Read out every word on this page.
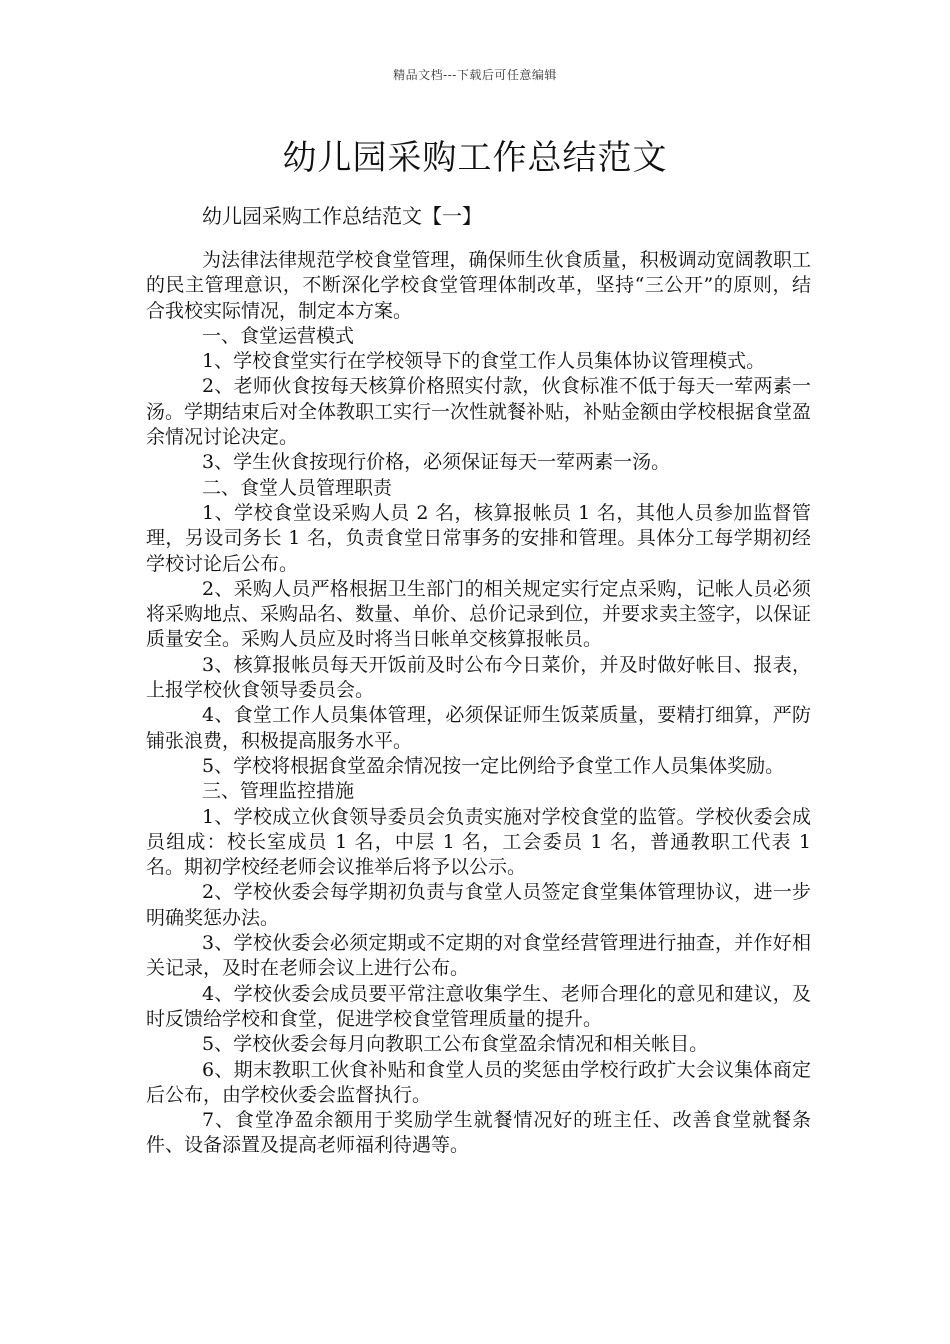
精品文档---下载后可任意编辑
幼儿园采购工作总结范文

幼儿园采购工作总结范文【一】

为法律法律规范学校食堂管理，确保师生伙食质量，积极调动宽阔教职工的民主管理意识，不断深化学校食堂管理体制改革，坚持“三公开”的原则，结合我校实际情况，制定本方案。

一、食堂运营模式

1、学校食堂实行在学校领导下的食堂工作人员集体协议管理模式。

2、老师伙食按每天核算价格照实付款，伙食标准不低于每天一荤两素一汤。学期结束后对全体教职工实行一次性就餐补贴，补贴金额由学校根据食堂盈余情况讨论决定。

3、学生伙食按现行价格，必须保证每天一荤两素一汤。

二、食堂人员管理职责

1、学校食堂设采购人员 2 名，核算报帐员 1 名，其他人员参加监督管理，另设司务长 1 名，负责食堂日常事务的安排和管理。具体分工每学期初经学校讨论后公布。

2、采购人员严格根据卫生部门的相关规定实行定点采购，记帐人员必须将采购地点、采购品名、数量、单价、总价记录到位，并要求卖主签字，以保证质量安全。采购人员应及时将当日帐单交核算报帐员。

3、核算报帐员每天开饭前及时公布今日菜价，并及时做好帐目、报表，上报学校伙食领导委员会。

4、食堂工作人员集体管理，必须保证师生饭菜质量，要精打细算，严防铺张浪费，积极提高服务水平。

5、学校将根据食堂盈余情况按一定比例给予食堂工作人员集体奖励。

三、管理监控措施

1、学校成立伙食领导委员会负责实施对学校食堂的监管。学校伙委会成员组成：校长室成员 1 名，中层 1 名，工会委员 1 名，普通教职工代表 1 名。期初学校经老师会议推举后将予以公示。

2、学校伙委会每学期初负责与食堂人员签定食堂集体管理协议，进一步明确奖惩办法。

3、学校伙委会必须定期或不定期的对食堂经营管理进行抽查，并作好相关记录，及时在老师会议上进行公布。

4、学校伙委会成员要平常注意收集学生、老师合理化的意见和建议，及时反馈给学校和食堂，促进学校食堂管理质量的提升。

5、学校伙委会每月向教职工公布食堂盈余情况和相关帐目。

6、期末教职工伙食补贴和食堂人员的奖惩由学校行政扩大会议集体商定后公布，由学校伙委会监督执行。

7、食堂净盈余额用于奖励学生就餐情况好的班主任、改善食堂就餐条件、设备添置及提高老师福利待遇等。
